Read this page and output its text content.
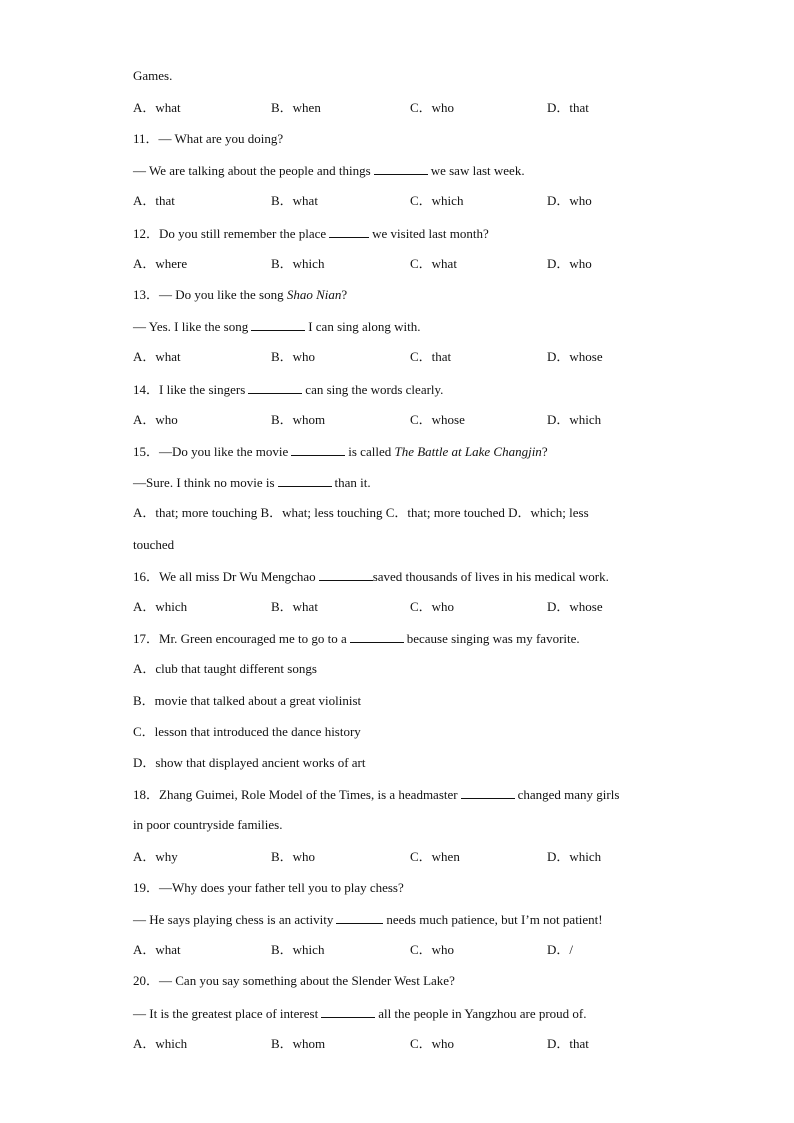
Games.
A．what	B．when	C．who	D．that
11．— What are you doing?
— We are talking about the people and things	we saw last week.
A．that	B．what	C．which	D．who
12．Do you still remember the place	we visited last month?
A．where	B．which	C．what	D．who
13．— Do you like the song Shao Nian?
— Yes. I like the song	I can sing along with.
A．what	B．who	C．that	D．whose
14．I like the singers	can sing the words clearly.
A．who	B．whom	C．whose	D．which
15．—Do you like the movie	is called The Battle at Lake Changjin?
—Sure. I think no movie is	than it.
A．that; more touching B．what; less touching C．that; more touched D．which; less
touched
16．We all miss Dr Wu Mengchao	saved thousands of lives in his medical work.
A．which	B．what	C．who	D．whose
17．Mr. Green encouraged me to go to a	because singing was my favorite.
A．club that taught different songs
B．movie that talked about a great violinist
C．lesson that introduced the dance history
D．show that displayed ancient works of art
18．Zhang Guimei, Role Model of the Times, is a headmaster	changed many girls
in poor countryside families.
A．why	B．who	C．when	D．which
19．—Why does your father tell you to play chess?
— He says playing chess is an activity	needs much patience, but I’m not patient!
A．what	B．which	C．who	D．/
20．— Can you say something about the Slender West Lake?
— It is the greatest place of interest	all the people in Yangzhou are proud of.
A．which	B．whom	C．who	D．that
